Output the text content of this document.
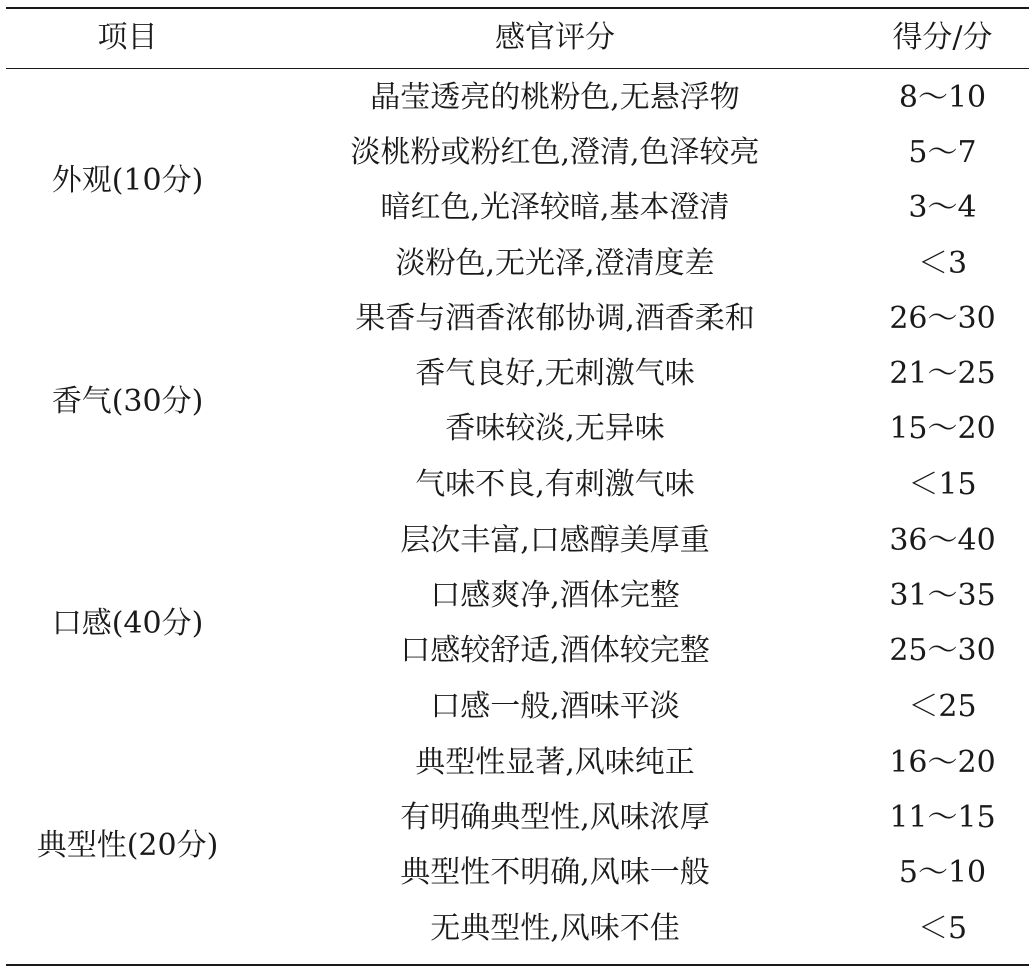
项目	感官评分	得分/分
外观(10分)
晶莹透亮的桃粉色,无悬浮物	8～10
淡桃粉或粉红色,澄清,色泽较亮	5～7
暗红色,光泽较暗,基本澄清	3～4
淡粉色,无光泽,澄清度差	＜3
香气(30分)
果香与酒香浓郁协调,酒香柔和	26～30
香气良好,无刺激气味	21～25
香味较淡,无异味	15～20
气味不良,有刺激气味	＜15
口感(40分)
层次丰富,口感醇美厚重	36～40
口感爽净,酒体完整	31～35
口感较舒适,酒体较完整	25～30
口感一般,酒味平淡	＜25
典型性(20分)
典型性显著,风味纯正	16～20
有明确典型性,风味浓厚	11～15
典型性不明确,风味一般	5～10
无典型性,风味不佳	＜5
